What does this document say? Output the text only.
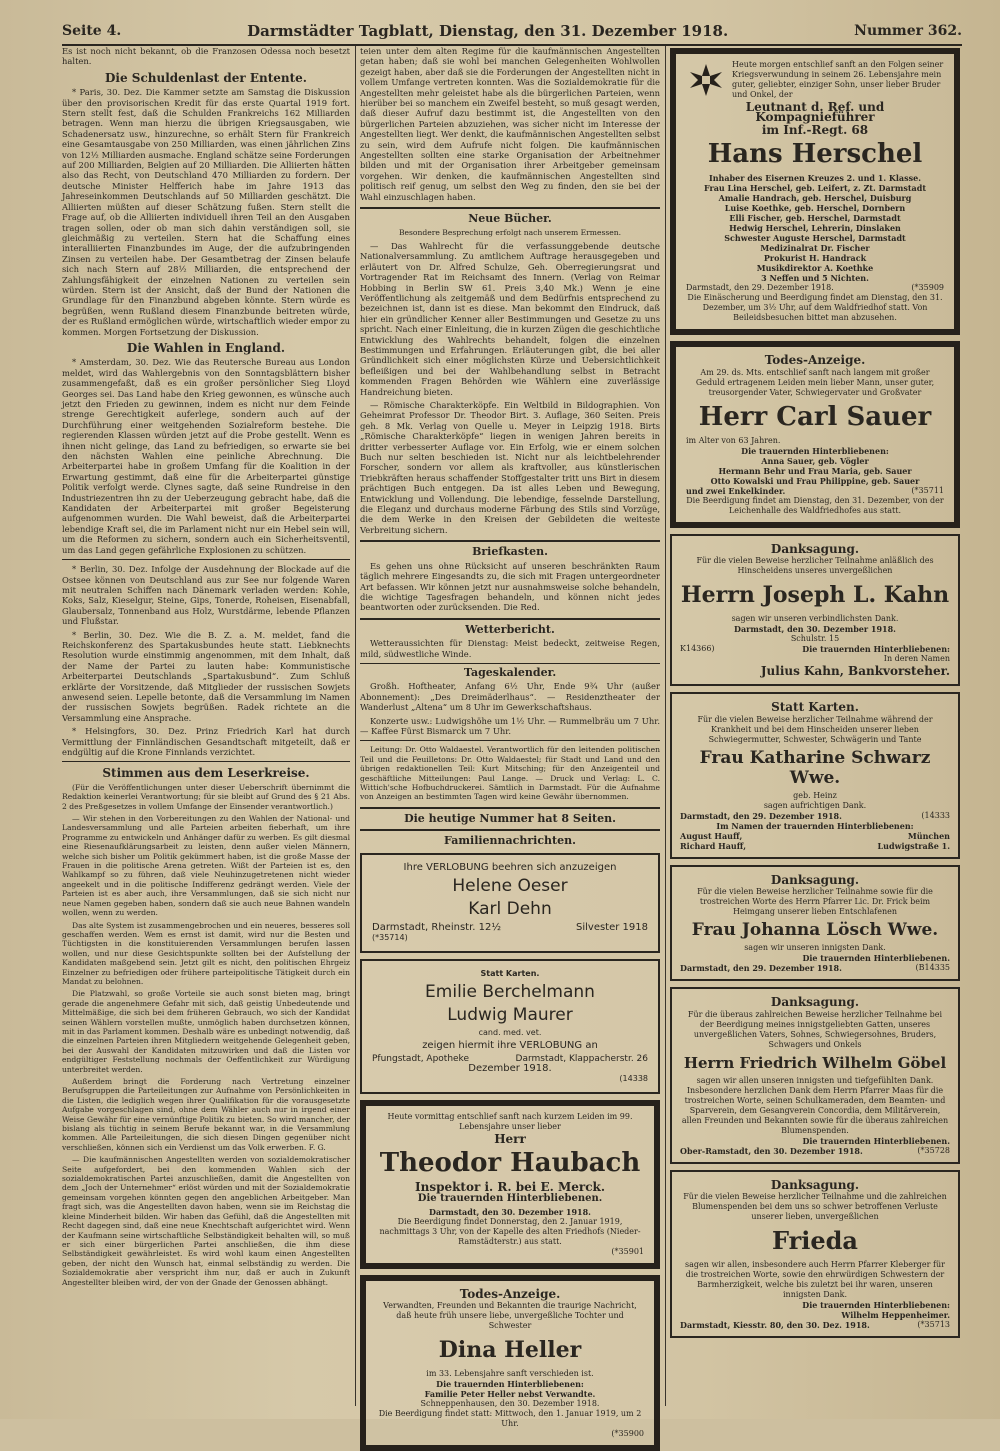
Seite 4.	Darmstädter Tagblatt, Dienstag, den 31. Dezember 1918.	Nummer 362.

Es ist noch nicht bekannt, ob die Franzosen Odessa noch besetzt halten.

Die Schuldenlast der Entente.

* Paris, 30. Dez. Die Kammer setzte am Samstag die Diskussion über den provisorischen Kredit für das erste Quartal 1919 fort. Stern stellt fest, daß die Schulden Frankreichs 162 Milliarden betragen. Wenn man hierzu die übrigen Kriegsausgaben, wie Schadenersatz usw., hinzurechne, so erhält Stern für Frankreich eine Gesamtausgabe von 250 Milliarden, was einen jährlichen Zins von 12½ Milliarden ausmache. England schätze seine Forderungen auf 200 Milliarden, Belgien auf 20 Milliarden. Die Alliierten hätten also das Recht, von Deutschland 470 Milliarden zu fordern. Der deutsche Minister Helfferich habe im Jahre 1913 das Jahreseinkommen Deutschlands auf 50 Milliarden geschätzt. Die Alliierten müßten auf dieser Schätzung fußen. Stern stellt die Frage auf, ob die Alliierten individuell ihren Teil an den Ausgaben tragen sollen, oder ob man sich dahin verständigen soll, sie gleichmäßig zu verteilen. Stern hat die Schaffung eines interalliierten Finanzbundes im Auge, der die aufzubringenden Zinsen zu verteilen habe. Der Gesamtbetrag der Zinsen belaufe sich nach Stern auf 28½ Milliarden, die entsprechend der Zahlungsfähigkeit der einzelnen Nationen zu verteilen sein würden. Stern ist der Ansicht, daß der Bund der Nationen die Grundlage für den Finanzbund abgeben könnte. Stern würde es begrüßen, wenn Rußland diesem Finanzbunde beitreten würde, der es Rußland ermöglichen würde, wirtschaftlich wieder empor zu kommen. Morgen Fortsetzung der Diskussion.

Die Wahlen in England.

* Amsterdam, 30. Dez. Wie das Reutersche Bureau aus London meldet, wird das Wahlergebnis von den Sonntagsblättern bisher zusammengefaßt, daß es ein großer persönlicher Sieg Lloyd Georges sei. Das Land habe den Krieg gewonnen, es wünsche auch jetzt den Frieden zu gewinnen, indem es nicht nur dem Feinde strenge Gerechtigkeit auferlege, sondern auch auf der Durchführung einer weitgehenden Sozialreform bestehe. Die regierenden Klassen würden jetzt auf die Probe gestellt. Wenn es ihnen nicht gelinge, das Land zu befriedigen, so erwarte sie bei den nächsten Wahlen eine peinliche Abrechnung. Die Arbeiterpartei habe in großem Umfang für die Koalition in der Erwartung gestimmt, daß eine für die Arbeiterpartei günstige Politik verfolgt werde. Clynes sagte, daß seine Rundreise in den Industriezentren ihn zu der Ueberzeugung gebracht habe, daß die Kandidaten der Arbeiterpartei mit großer Begeisterung aufgenommen wurden. Die Wahl beweist, daß die Arbeiterpartei lebendige Kraft sei, die im Parlament nicht nur ein Hebel sein will, um die Reformen zu sichern, sondern auch ein Sicherheitsventil, um das Land gegen gefährliche Explosionen zu schützen.

* Berlin, 30. Dez. Infolge der Ausdehnung der Blockade auf die Ostsee können von Deutschland aus zur See nur folgende Waren mit neutralen Schiffen nach Dänemark verladen werden: Kohle, Koks, Salz, Kieselgur, Steine, Gips, Tonerde, Roheisen, Eisenabfall, Glaubersalz, Tonnenband aus Holz, Wurstdärme, lebende Pflanzen und Flußstar.

* Berlin, 30. Dez. Wie die B. Z. a. M. meldet, fand die Reichskonferenz des Spartakusbundes heute statt. Liebknechts Resolution wurde einstimmig angenommen, mit dem Inhalt, daß der Name der Partei zu lauten habe: Kommunistische Arbeiterpartei Deutschlands „Spartakusbund“. Zum Schluß erklärte der Vorsitzende, daß Mitglieder der russischen Sowjets anwesend seien. Lepelle betonte, daß die Versammlung im Namen der russischen Sowjets begrüßen. Radek richtete an die Versammlung eine Ansprache.

* Helsingfors, 30. Dez. Prinz Friedrich Karl hat durch Vermittlung der Finnländischen Gesandtschaft mitgeteilt, daß er endgültig auf die Krone Finnlands verzichtet.

Stimmen aus dem Leserkreise.

(Für die Veröffentlichungen unter dieser Ueberschrift übernimmt die Redaktion keinerlei Verantwortung; für sie bleibt auf Grund des § 21 Abs. 2 des Preßgesetzes in vollem Umfange der Einsender verantwortlich.)

— Wir stehen in den Vorbereitungen zu den Wahlen der National- und Landesversammlung und alle Parteien arbeiten fieberhaft, um ihre Programme zu entwickeln und Anhänger dafür zu werben. Es gilt diesmal eine Riesenaufklärungsarbeit zu leisten, denn außer vielen Männern, welche sich bisher um Politik gekümmert haben, ist die große Masse der Frauen in die politische Arena getreten. Wißt der Parteien ist es, den Wahlkampf so zu führen, daß viele Neuhinzugetretenen nicht wieder angeekelt und in die politische Indifferenz gedrängt werden. Viele der Parteien ist es aber auch, ihre Versammlungen, daß sie sich nicht nur neue Namen gegeben haben, sondern daß sie auch neue Bahnen wandeln wollen, wenn zu werden.

Das alte System ist zusammengebrochen und ein neueres, besseres soll geschaffen werden. Wem es ernst ist damit, wird nur die Besten und Tüchtigsten in die konstituierenden Versammlungen berufen lassen wollen, und nur diese Gesichtspunkte sollten bei der Aufstellung der Kandidaten maßgebend sein. Jetzt gilt es nicht, den politischen Ehrgeiz Einzelner zu befriedigen oder frühere parteipolitische Tätigkeit durch ein Mandat zu belohnen.

Die Platzwahl, so große Vorteile sie auch sonst bieten mag, bringt gerade die angenehmere Gefahr mit sich, daß geistig Unbedeutende und Mittelmäßige, die sich bei dem früheren Gebrauch, wo sich der Kandidat seinen Wählern vorstellen mußte, unmöglich haben durchsetzen können, mit in das Parlament kommen. Deshalb wäre es unbedingt notwendig, daß die einzelnen Parteien ihren Mitgliedern weitgehende Gelegenheit geben, bei der Auswahl der Kandidaten mitzuwirken und daß die Listen vor endgültiger Feststellung nochmals der Oeffentlichkeit zur Würdigung unterbreitet werden.

Außerdem bringt die Forderung nach Vertretung einzelner Berufsgruppen die Parteileitungen zur Aufnahme von Persönlichkeiten in die Listen, die lediglich wegen ihrer Qualifikation für die vorausgesetzte Aufgabe vorgeschlagen sind, ohne dem Wähler auch nur in irgend einer Weise Gewähr für eine vernünftige Politik zu bieten. So wird mancher, der bislang als tüchtig in seinem Berufe bekannt war, in die Versammlung kommen. Alle Parteileitungen, die sich diesen Dingen gegenüber nicht verschließen, können sich ein Verdienst um das Volk erwerben. F. G.

— Die kaufmännischen Angestellten werden von sozialdemokratischer Seite aufgefordert, bei den kommenden Wahlen sich der sozialdemokratischen Partei anzuschließen, damit die Angestellten von dem „Joch der Unternehmer“ erlöst würden und mit der Sozialdemokratie gemeinsam vorgehen könnten gegen den angeblichen Arbeitgeber. Man fragt sich, was die Angestellten davon haben, wenn sie im Reichstag die kleine Minderheit bilden. Wir haben das Gefühl, daß die Angestellten mit Recht dagegen sind, daß eine neue Knechtschaft aufgerichtet wird. Wenn der Kaufmann seine wirtschaftliche Selbständigkeit behalten will, so muß er sich einer bürgerlichen Partei anschließen, die ihm diese Selbständigkeit gewährleistet. Es wird wohl kaum einen Angestellten geben, der nicht den Wunsch hat, einmal selbständig zu werden. Die Sozialdemokratie aber verspricht ihm nur, daß er auch in Zukunft Angestellter bleiben wird, der von der Gnade der Genossen abhängt.

teien unter dem alten Regime für die kaufmännischen Angestellten getan haben; daß sie wohl bei manchen Gelegenheiten Wohlwollen gezeigt haben, aber daß sie die Forderungen der Angestellten nicht in vollem Umfange vertreten konnten. Was die Sozialdemokratie für die Angestellten mehr geleistet habe als die bürgerlichen Parteien, wenn hierüber bei so manchem ein Zweifel besteht, so muß gesagt werden, daß dieser Aufruf dazu bestimmt ist, die Angestellten von den bürgerlichen Parteien abzuziehen, was sicher nicht im Interesse der Angestellten liegt. Wer denkt, die kaufmännischen Angestellten selbst zu sein, wird dem Aufrufe nicht folgen. Die kaufmännischen Angestellten sollten eine starke Organisation der Arbeitnehmer bilden und mit der Organisation ihrer Arbeitgeber gemeinsam vorgehen. Wir denken, die kaufmännischen Angestellten sind politisch reif genug, um selbst den Weg zu finden, den sie bei der Wahl einzuschlagen haben.

Neue Bücher.
Besondere Besprechung erfolgt nach unserem Ermessen.

— Das Wahlrecht für die verfassunggebende deutsche Nationalversammlung. Zu amtlichem Auftrage herausgegeben und erläutert von Dr. Alfred Schulze, Geh. Oberregierungsrat und Vortragender Rat im Reichsamt des Innern. (Verlag von Reimar Hobbing in Berlin SW 61. Preis 3,40 Mk.) Wenn je eine Veröffentlichung als zeitgemäß und dem Bedürfnis entsprechend zu bezeichnen ist, dann ist es diese. Man bekommt den Eindruck, daß hier ein gründlicher Kenner aller Bestimmungen und Gesetze zu uns spricht. Nach einer Einleitung, die in kurzen Zügen die geschichtliche Entwicklung des Wahlrechts behandelt, folgen die einzelnen Bestimmungen und Erfahrungen. Erläuterungen gibt, die bei aller Gründlichkeit sich einer möglichsten Kürze und Uebersichtlichkeit befleißigen und bei der Wahlbehandlung selbst in Betracht kommenden Fragen Behörden wie Wählern eine zuverlässige Handreichung bieten.

— Römische Charakterköpfe. Ein Weltbild in Bildographien. Von Geheimrat Professor Dr. Theodor Birt. 3. Auflage, 360 Seiten. Preis geh. 8 Mk. Verlag von Quelle u. Meyer in Leipzig 1918. Birts „Römische Charakterköpfe“ liegen in wenigen Jahren bereits in dritter verbesserter Auflage vor. Ein Erfolg, wie er einem solchen Buch nur selten beschieden ist. Nicht nur als leichtbelehrender Forscher, sondern vor allem als kraftvoller, aus künstlerischen Triebkräften heraus schaffender Stoffgestalter tritt uns Birt in diesem prächtigen Buch entgegen. Da ist alles Leben und Bewegung, Entwicklung und Vollendung. Die lebendige, fesselnde Darstellung, die Eleganz und durchaus moderne Färbung des Stils sind Vorzüge, die dem Werke in den Kreisen der Gebildeten die weiteste Verbreitung sichern.

Briefkasten.

Es gehen uns ohne Rücksicht auf unseren beschränkten Raum täglich mehrere Eingesandts zu, die sich mit Fragen untergeordneter Art befassen. Wir können jetzt nur ausnahmsweise solche behandeln, die wichtige Tagesfragen behandeln, und können nicht jedes beantworten oder zurücksenden. Die Red.

Wetterbericht.

Wetteraussichten für Dienstag: Meist bedeckt, zeitweise Regen, mild, südwestliche Winde.

Tageskalender.

Großh. Hoftheater, Anfang 6½ Uhr, Ende 9¾ Uhr (außer Abonnement): „Des Dreimäderlhaus“. — Residenztheater der Wanderlust „Altena“ um 8 Uhr im Gewerkschaftshaus.

Konzerte usw.: Ludwigshöhe um 1½ Uhr. — Rummelbräu um 7 Uhr. — Kaffee Fürst Bismarck um 7 Uhr.

Leitung: Dr. Otto Waldaestel. Verantwortlich für den leitenden politischen Teil und die Feuilletons: Dr. Otto Waldaestel; für Stadt und Land und den übrigen redaktionellen Teil: Kurt Mitsching; für den Anzeigenteil und geschäftliche Mitteilungen: Paul Lange. — Druck und Verlag: L. C. Wittich'sche Hofbuchdruckerei. Sämtlich in Darmstadt. Für die Aufnahme von Anzeigen an bestimmten Tagen wird keine Gewähr übernommen.

Die heutige Nummer hat 8 Seiten.
Familiennachrichten.
Ihre VERLOBUNG beehren sich anzuzeigen
Helene Oeser
Karl Dehn
Darmstadt, Rheinstr. 12½	Silvester 1918
(*35714)
Statt Karten.
Emilie Berchelmann
Ludwig Maurer
cand. med. vet.
zeigen hiermit ihre VERLOBUNG an
Pfungstadt, Apotheke	Darmstadt, Klappacherstr. 26
Dezember 1918.
(14338
Heute vormittag entschlief sanft nach kurzem Leiden im 99. Lebensjahre unser lieber
Herr
Theodor Haubach
Inspektor i. R. bei E. Merck.
Die trauernden Hinterbliebenen.
Darmstadt, den 30. Dezember 1918.
Die Beerdigung findet Donnerstag, den 2. Januar 1919, nachmittags 3 Uhr, von der Kapelle des alten Friedhofs (Nieder-Ramstädterstr.) aus statt.
(*35901
Todes-Anzeige.
Verwandten, Freunden und Bekannten die traurige Nachricht, daß heute früh unsere liebe, unvergeßliche Tochter und Schwester
Dina Heller
im 33. Lebensjahre sanft verschieden ist.
Die trauernden Hinterbliebenen:
Familie Peter Heller nebst Verwandte.
Schneppenhausen, den 30. Dezember 1918.
Die Beerdigung findet statt: Mittwoch, den 1. Januar 1919, um 2 Uhr.
(*35900
Heute morgen entschlief sanft an den Folgen seiner Kriegsverwundung in seinem 26. Lebensjahre mein guter, geliebter, einziger Sohn, unser lieber Bruder und Onkel, der
Leutnant d. Ref. und Kompagnieführer
im Inf.-Regt. 68
Hans Herschel
Inhaber des Eisernen Kreuzes 2. und 1. Klasse.
Frau Lina Herschel, geb. Leifert, z. Zt. Darmstadt
Amalie Handrach, geb. Herschel, Duisburg
Luise Koethke, geb. Herschel, Dornbern
Elli Fischer, geb. Herschel, Darmstadt
Hedwig Herschel, Lehrerin, Dinslaken
Schwester Auguste Herschel, Darmstadt
Medizinalrat Dr. Fischer
Prokurist H. Handrack
Musikdirektor A. Koethke
3 Neffen und 5 Nichten.
Darmstadt, den 29. Dezember 1918.	(*35909
Die Einäscherung und Beerdigung findet am Dienstag, den 31. Dezember, um 3½ Uhr, auf dem Waldfriedhof statt. Von Beileidsbesuchen bittet man abzusehen.
Todes-Anzeige.
Am 29. ds. Mts. entschlief sanft nach langem mit großer Geduld ertragenem Leiden mein lieber Mann, unser guter, treusorgender Vater, Schwiegervater und Großvater
Herr Carl Sauer
im Alter von 63 Jahren.
Die trauernden Hinterbliebenen:
Anna Sauer, geb. Vögler
Hermann Behr und Frau Maria, geb. Sauer
Otto Kowalski und Frau Philippine, geb. Sauer
und zwei Enkelkinder.	(*35711
Die Beerdigung findet am Dienstag, den 31. Dezember, von der Leichenhalle des Waldfriedhofes aus statt.
Danksagung.
Für die vielen Beweise herzlicher Teilnahme anläßlich des Hinscheidens unseres unvergeßlichen
Herrn Joseph L. Kahn
sagen wir unseren verbindlichsten Dank.
Darmstadt, den 30. Dezember 1918.
Schulstr. 15
K14366)	Die trauernden Hinterbliebenen:
In deren Namen
Julius Kahn, Bankvorsteher.
Statt Karten.
Für die vielen Beweise herzlicher Teilnahme während der Krankheit und bei dem Hinscheiden unserer lieben Schwiegermutter, Schwester, Schwägerin und Tante
Frau Katharine Schwarz Wwe.
geb. Heinz
sagen aufrichtigen Dank.
Darmstadt, den 29. Dezember 1918.	(14333
Im Namen der trauernden Hinterbliebenen:
August Hauff,	München
Richard Hauff,	Ludwigstraße 1.
Danksagung.
Für die vielen Beweise herzlicher Teilnahme sowie für die trostreichen Worte des Herrn Pfarrer Lic. Dr. Frick beim Heimgang unserer lieben Entschlafenen
Frau Johanna Lösch Wwe.
sagen wir unseren innigsten Dank.
Die trauernden Hinterbliebenen.
Darmstadt, den 29. Dezember 1918.	(B14335
Danksagung.
Für die überaus zahlreichen Beweise herzlicher Teilnahme bei der Beerdigung meines innigstgeliebten Gatten, unseres unvergeßlichen Vaters, Sohnes, Schwiegersohnes, Bruders, Schwagers und Onkels
Herrn Friedrich Wilhelm Göbel
sagen wir allen unseren innigsten und tiefgefühlten Dank. Insbesondere herzlichen Dank dem Herrn Pfarrer Maas für die trostreichen Worte, seinen Schulkameraden, dem Beamten- und Sparverein, dem Gesangverein Concordia, dem Militärverein, allen Freunden und Bekannten sowie für die überaus zahlreichen Blumenspenden.
Die trauernden Hinterbliebenen.
Ober-Ramstadt, den 30. Dezember 1918.	(*35728
Danksagung.
Für die vielen Beweise herzlicher Teilnahme und die zahlreichen Blumenspenden bei dem uns so schwer betroffenen Verluste unserer lieben, unvergeßlichen
Frieda
sagen wir allen, insbesondere auch Herrn Pfarrer Kleberger für die trostreichen Worte, sowie den ehrwürdigen Schwestern der Barmherzigkeit, welche bis zuletzt bei ihr waren, unseren innigsten Dank.
Die trauernden Hinterbliebenen:
Wilhelm Heppenheimer.
Darmstadt, Kiesstr. 80, den 30. Dez. 1918.	(*35713
